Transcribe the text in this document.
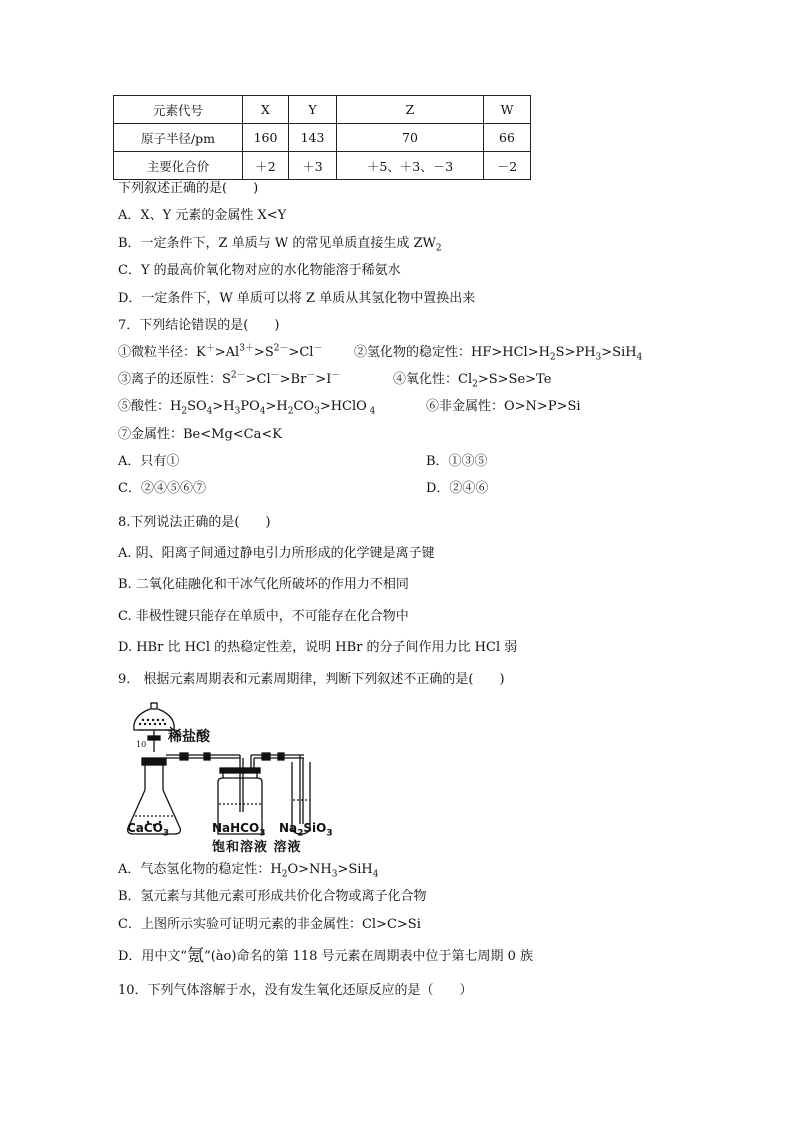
元素代号	X	Y	Z	W
原子半径/pm	160	143	70	66
主要化合价	＋2	＋3	＋5、＋3、－3	－2
下列叙述正确的是(　　)
A．X、Y 元素的金属性 X<Y
B．一定条件下，Z 单质与 W 的常见单质直接生成 $ZW_2$
C．Y 的最高价氧化物对应的水化物能溶于稀氨水
D．一定条件下，W 单质可以将 Z 单质从其氢化物中置换出来
7．下列结论错误的是(　　)
①微粒半径：$K^+>Al^{3+}>S^{2-}>Cl^-$ ②氢化物的稳定性：$HF>HCl>H_2S>PH_3>SiH_4$
③离子的还原性：$S^{2-}>Cl^->Br^->I^-$	④氧化性：$Cl_2>S>Se>Te$
⑤酸性：$H_2SO_4>H_3PO_4>H_2CO_3>HClO$ $_4$	⑥非金属性：O>N>P>Si
⑦金属性：Be<Mg<Ca<K
A．只有①	B．①③⑤
C．②④⑤⑥⑦	D．②④⑥
8.下列说法正确的是(　　)
A. 阴、阳离子间通过静电引力所形成的化学键是离子键
B. 二氧化硅融化和干冰气化所破坏的作用力不相同
C. 非极性键只能存在单质中，不可能存在化合物中
D. HBr 比 HCl 的热稳定性差，说明 HBr 的分子间作用力比 HCl 弱
9． 根据元素周期表和元素周期律，判断下列叙述不正确的是(　　)
稀盐酸
10
CaCO$_3$	NaHCO$_3$ $Na_2SiO_3$
饱和溶液 溶液
A．气态氢化物的稳定性：$H_2O>NH_3>SiH_4$
B．氢元素与其他元素可形成共价化合物或离子化合物
C．上图所示实验可证明元素的非金属性：Cl>C>Si
D．用中文“氪”(ào)命名的第 118 号元素在周期表中位于第七周期 0 族
10．下列气体溶解于水，没有发生氧化还原反应的是（　　）
